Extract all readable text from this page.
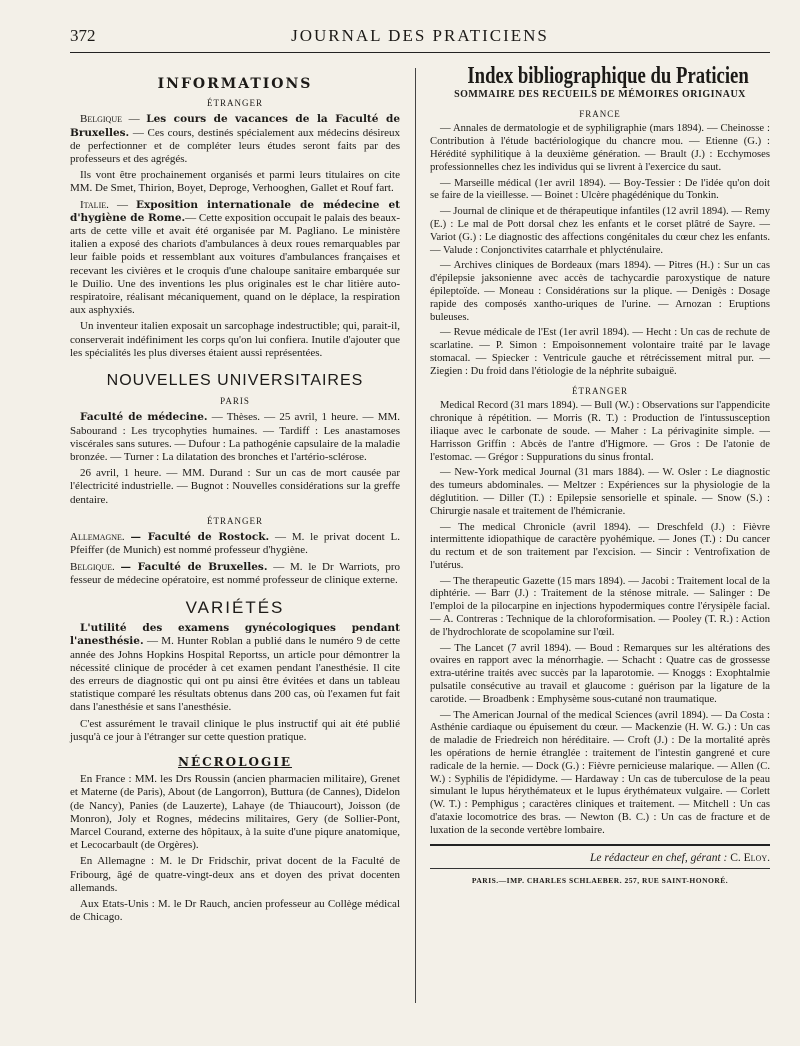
372	JOURNAL DES PRATICIENS
INFORMATIONS
ÉTRANGER

Belgique — Les cours de vacances de la Faculté de Bruxelles. — Ces cours, destinés spécialement aux médecins désireux de perfectionner et de compléter leurs études seront faits par des professeurs et des agrégés.

Ils vont être prochainement organisés et parmi leurs titulaires on cite MM. De Smet, Thirion, Boyet, Deproge, Verhooghen, Gallet et Rouf fart.

Italie. — Exposition internationale de médecine et d'hygiène de Rome.— Cette exposition occupait le palais des beaux-arts de cette ville et avait été organisée par M. Pagliano. Le ministère italien a exposé des chariots d'ambulances à deux roues remarquables par leur faible poids et ressemblant aux voitures d'ambulances françaises et recevant les civières et le croquis d'une chaloupe sanitaire embarquée sur le Duilio. Une des inventions les plus originales est le char litière auto-respiratoire, réalisant mécaniquement, quand on le déplace, la respiration aux asphyxiés.

Un inventeur italien exposait un sarcophage indestructible; qui, parait-il, conserverait indéfiniment les corps qu'on lui confiera. Inutile d'ajouter que les spécialités les plus diverses étaient aussi représentées.

NOUVELLES UNIVERSITAIRES
PARIS

Faculté de médecine. — Thèses. — 25 avril, 1 heure. — MM. Sabourand : Les trycophyties humaines. — Tardiff : Les anastamoses viscérales sans sutures. — Dufour : La pathogénie capsulaire de la maladie bronzée. — Turner : La dilatation des bronches et l'artério-sclérose.

26 avril, 1 heure. — MM. Durand : Sur un cas de mort causée par l'électricité industrielle. — Bugnot : Nouvelles considérations sur la greffe dentaire.

ÉTRANGER

Allemagne. — Faculté de Rostock. — M. le privat docent L. Pfeiffer (de Munich) est nommé professeur d'hygiène.

Belgique. — Faculté de Bruxelles. — M. le Dr Warriots, pro fesseur de médecine opératoire, est nommé professeur de clinique externe.

VARIÉTÉS

L'utilité des examens gynécologiques pendant l'anesthésie. — M. Hunter Roblan a publié dans le numéro 9 de cette année des Johns Hopkins Hospital Reportss, un article pour démontrer la nécessité clinique de procéder à cet examen pendant l'anesthésie. Il cite des erreurs de diagnostic qui ont pu ainsi être évitées et dans un tableau statistique comparé les résultats obtenus dans 200 cas, où l'examen fut fait dans l'anesthésie et sans l'anesthésie.

C'est assurément le travail clinique le plus instructif qui ait été publié jusqu'à ce jour à l'étranger sur cette question pratique.

NÉCROLOGIE

En France : MM. les Drs Roussin (ancien pharmacien militaire), Grenet et Materne (de Paris), About (de Langorron), Buttura (de Cannes), Didelon (de Nancy), Panies (de Lauzerte), Lahaye (de Thiaucourt), Joisson (de Monron), Joly et Rognes, médecins militaires, Gery (de Sollier-Pont, Marcel Courand, externe des hôpitaux, à la suite d'une piqure anatomique, et Lecocarbault (de Orgères).

En Allemagne : M. le Dr Fridschir, privat docent de la Faculté de Fribourg, âgé de quatre-vingt-deux ans et doyen des privat docenten allemands.

Aux Etats-Unis : M. le Dr Rauch, ancien professeur au Collège médical de Chicago.

Index bibliographique du Praticien
SOMMAIRE DES RECUEILS DE MÉMOIRES ORIGINAUX
FRANCE

— Annales de dermatologie et de syphiligraphie (mars 1894). — Cheinosse : Contribution à l'étude bactériologique du chancre mou. — Etienne (G.) : Hérédité syphilitique à la deuxième génération. — Brault (J.) : Ecchymoses professionnelles chez les individus qui se livrent à l'exercice du saut.

— Marseille médical (1er avril 1894). — Boy-Tessier : De l'idée qu'on doit se faire de la vieillesse. — Boinet : Ulcère phagédénique du Tonkin.

— Journal de clinique et de thérapeutique infantiles (12 avril 1894). — Remy (E.) : Le mal de Pott dorsal chez les enfants et le corset plâtré de Sayre. — Variot (G.) : Le diagnostic des affections congénitales du cœur chez les enfants. — Valude : Conjonctivites catarrhale et phlycténulaire.

— Archives cliniques de Bordeaux (mars 1894). — Pitres (H.) : Sur un cas d'épilepsie jaksonienne avec accès de tachycardie paroxystique de nature épileptoïde. — Moneau : Considérations sur la plique. — Denigès : Dosage rapide des composés xantho-uriques de l'urine. — Arnozan : Eruptions buleuses.

— Revue médicale de l'Est (1er avril 1894). — Hecht : Un cas de rechute de scarlatine. — P. Simon : Empoisonnement volontaire traité par le lavage stomacal. — Spiecker : Ventricule gauche et rétrécissement mitral pur. — Ziegien : Du froid dans l'étiologie de la néphrite subaiguë.

ÉTRANGER

Medical Record (31 mars 1894). — Bull (W.) : Observations sur l'appendicite chronique à répétition. — Morris (R. T.) : Production de l'intussusception iliaque avec le carbonate de soude. — Maher : La périvaginite simple. — Harrisson Griffin : Abcès de l'antre d'Higmore. — Gros : De l'atonie de l'estomac. — Grégor : Suppurations du sinus frontal.

— New-York medical Journal (31 mars 1884). — W. Osler : Le diagnostic des tumeurs abdominales. — Meltzer : Expériences sur la physiologie de la déglutition. — Diller (T.) : Epilepsie sensorielle et spinale. — Snow (S.) : Chirurgie nasale et traitement de l'hémicranie.

— The medical Chronicle (avril 1894). — Dreschfeld (J.) : Fièvre intermittente idiopathique de caractère pyohémique. — Jones (T.) : Du cancer du rectum et de son traitement par l'excision. — Sincir : Ventrofixation de l'utérus.

— The therapeutic Gazette (15 mars 1894). — Jacobi : Traitement local de la diphtérie. — Barr (J.) : Traitement de la sténose mitrale. — Salinger : De l'emploi de la pilocarpine en injections hypodermiques contre l'érysipèle facial. — A. Contreras : Technique de la chloroformisation. — Pooley (T. R.) : Action de l'hydrochlorate de scopolamine sur l'œil.

— The Lancet (7 avril 1894). — Boud : Remarques sur les altérations des ovaires en rapport avec la ménorrhagie. — Schacht : Quatre cas de grossesse extra-utérine traités avec succès par la laparotomie. — Knoggs : Exophtalmie pulsatile consécutive au travail et glaucome : guérison par la ligature de la carotide. — Broadbenk : Emphysème sous-cutané non traumatique.

— The American Journal of the medical Sciences (avril 1894). — Da Costa : Asthénie cardiaque ou épuisement du cœur. — Mackenzie (H. W. G.) : Un cas de maladie de Friedreich non héréditaire. — Croft (J.) : De la mortalité après les opérations de hernie étranglée : traitement de l'intestin gangrené et cure radicale de la hernie. — Dock (G.) : Fièvre pernicieuse malarique. — Allen (C. W.) : Syphilis de l'épididyme. — Hardaway : Un cas de tuberculose de la peau simulant le lupus hérythémateux et le lupus érythémateux vulgaire. — Corlett (W. T.) : Pemphigus ; caractères cliniques et traitement. — Mitchell : Un cas d'ataxie locomotrice des bras. — Newton (B. C.) : Un cas de fracture et de luxation de la seconde vertèbre lombaire.

Le rédacteur en chef, gérant : C. Eloy.
PARIS.—IMP. CHARLES SCHLAEBER. 257, RUE SAINT-HONORÉ.
